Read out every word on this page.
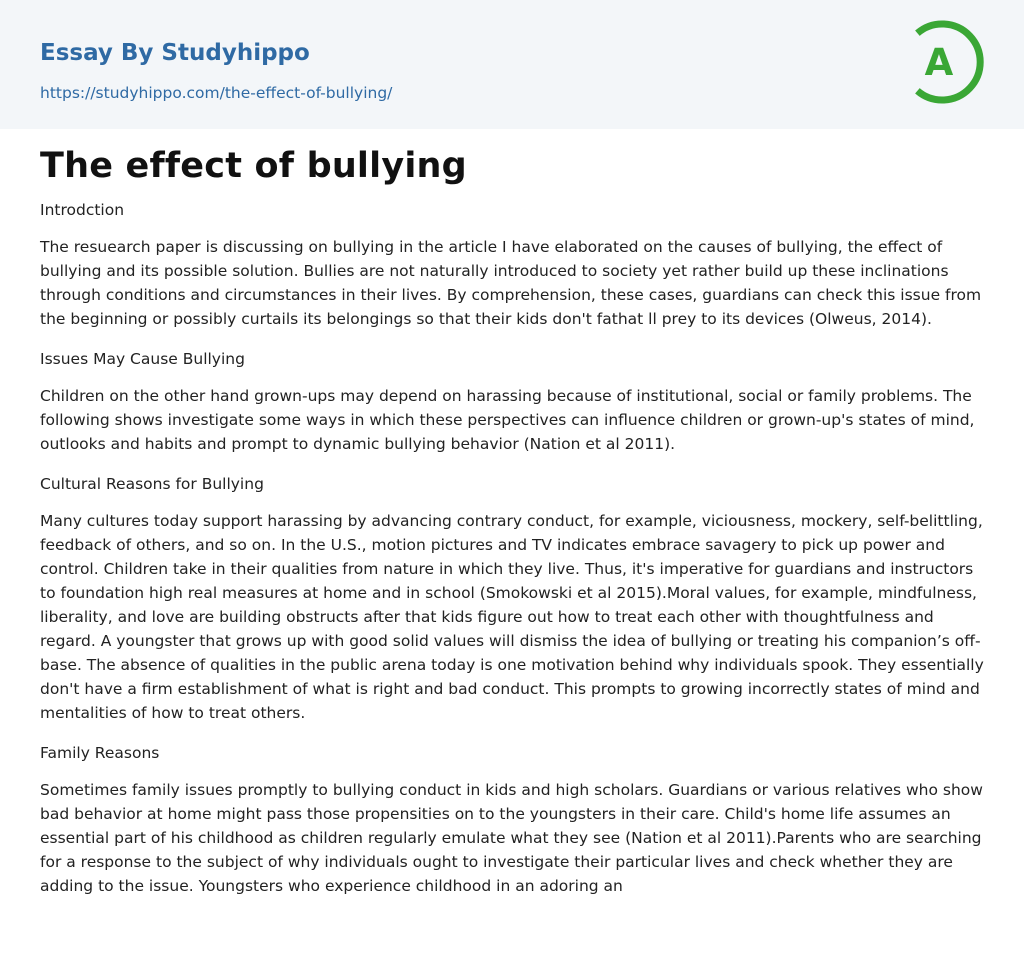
Essay By Studyhippo
https://studyhippo.com/the-effect-of-bullying/
A
The effect of bullying

Introdction

The resuearch paper is discussing on bullying in the article I have elaborated on the causes of bullying, the effect of bullying and its possible solution. Bullies are not naturally introduced to society yet rather build up these inclinations through conditions and circumstances in their lives. By comprehension, these cases, guardians can check this issue from the beginning or possibly curtails its belongings so that their kids don't fathat ll prey to its devices (Olweus, 2014).

Issues May Cause Bullying

Children on the other hand grown-ups may depend on harassing because of institutional, social or family problems. The following shows investigate some ways in which these perspectives can influence children or grown-up's states of mind, outlooks and habits and prompt to dynamic bullying behavior (Nation et al 2011).

Cultural Reasons for Bullying

Many cultures today support harassing by advancing contrary conduct, for example, viciousness, mockery, self-belittling, feedback of others, and so on. In the U.S., motion pictures and TV indicates embrace savagery to pick up power and control. Children take in their qualities from nature in which they live. Thus, it's imperative for guardians and instructors to foundation high real measures at home and in school (Smokowski et al 2015).Moral values, for example, mindfulness, liberality, and love are building obstructs after that kids figure out how to treat each other with thoughtfulness and regard. A youngster that grows up with good solid values will dismiss the idea of bullying or treating his companion’s off-base. The absence of qualities in the public arena today is one motivation behind why individuals spook. They essentially don't have a firm establishment of what is right and bad conduct. This prompts to growing incorrectly states of mind and mentalities of how to treat others.

Family Reasons

Sometimes family issues promptly to bullying conduct in kids and high scholars. Guardians or various relatives who show bad behavior at home might pass those propensities on to the youngsters in their care. Child's home life assumes an essential part of his childhood as children regularly emulate what they see (Nation et al 2011).Parents who are searching for a response to the subject of why individuals ought to investigate their particular lives and check whether they are adding to the issue. Youngsters who experience childhood in an adoring an
